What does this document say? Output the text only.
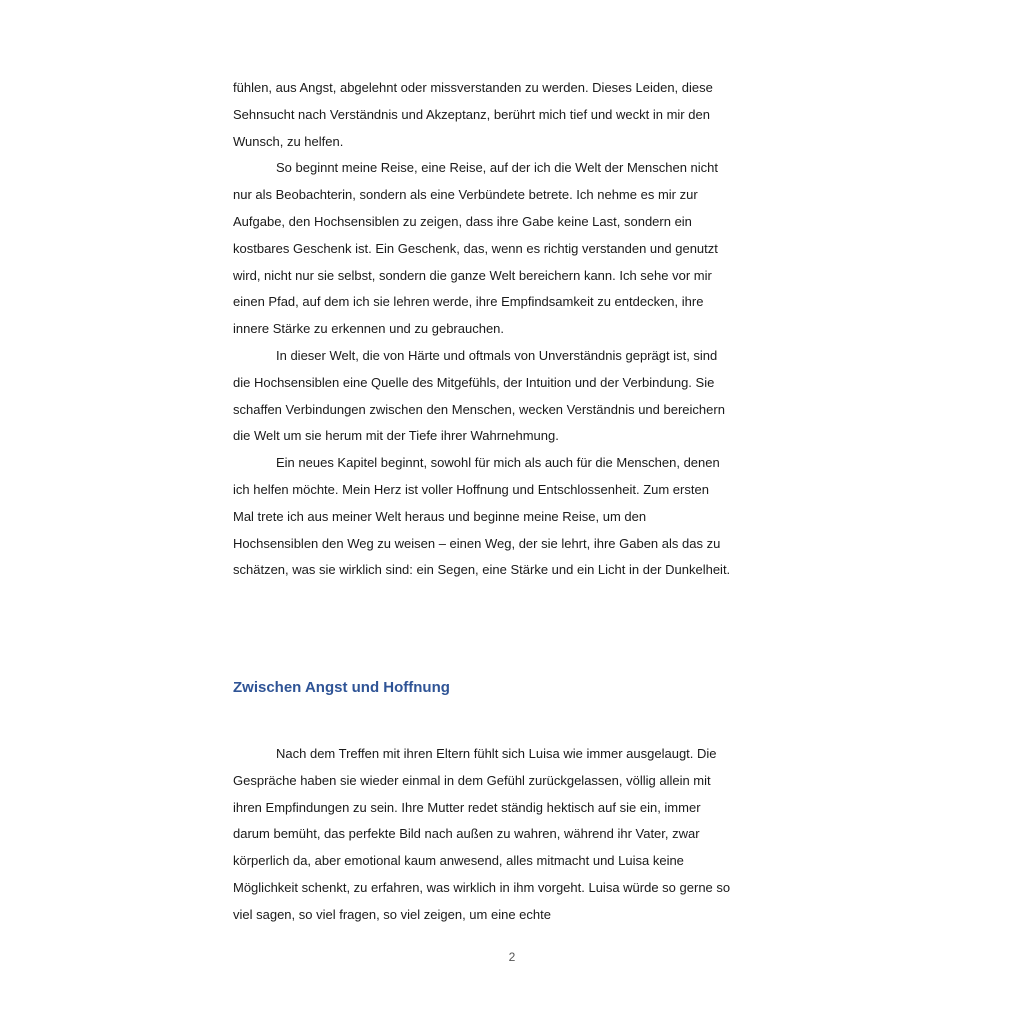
fühlen, aus Angst, abgelehnt oder missverstanden zu werden. Dieses Leiden, diese Sehnsucht nach Verständnis und Akzeptanz, berührt mich tief und weckt in mir den Wunsch, zu helfen.

So beginnt meine Reise, eine Reise, auf der ich die Welt der Menschen nicht nur als Beobachterin, sondern als eine Verbündete betrete. Ich nehme es mir zur Aufgabe, den Hochsensiblen zu zeigen, dass ihre Gabe keine Last, sondern ein kostbares Geschenk ist. Ein Geschenk, das, wenn es richtig verstanden und genutzt wird, nicht nur sie selbst, sondern die ganze Welt bereichern kann. Ich sehe vor mir einen Pfad, auf dem ich sie lehren werde, ihre Empfindsamkeit zu entdecken, ihre innere Stärke zu erkennen und zu gebrauchen.

In dieser Welt, die von Härte und oftmals von Unverständnis geprägt ist, sind die Hochsensiblen eine Quelle des Mitgefühls, der Intuition und der Verbindung. Sie schaffen Verbindungen zwischen den Menschen, wecken Verständnis und bereichern die Welt um sie herum mit der Tiefe ihrer Wahrnehmung.

Ein neues Kapitel beginnt, sowohl für mich als auch für die Menschen, denen ich helfen möchte. Mein Herz ist voller Hoffnung und Entschlossenheit. Zum ersten Mal trete ich aus meiner Welt heraus und beginne meine Reise, um den Hochsensiblen den Weg zu weisen – einen Weg, der sie lehrt, ihre Gaben als das zu schätzen, was sie wirklich sind: ein Segen, eine Stärke und ein Licht in der Dunkelheit.

Zwischen Angst und Hoffnung

Nach dem Treffen mit ihren Eltern fühlt sich Luisa wie immer ausgelaugt. Die Gespräche haben sie wieder einmal in dem Gefühl zurückgelassen, völlig allein mit ihren Empfindungen zu sein. Ihre Mutter redet ständig hektisch auf sie ein, immer darum bemüht, das perfekte Bild nach außen zu wahren, während ihr Vater, zwar körperlich da, aber emotional kaum anwesend, alles mitmacht und Luisa keine Möglichkeit schenkt, zu erfahren, was wirklich in ihm vorgeht. Luisa würde so gerne so viel sagen, so viel fragen, so viel zeigen, um eine echte

2
